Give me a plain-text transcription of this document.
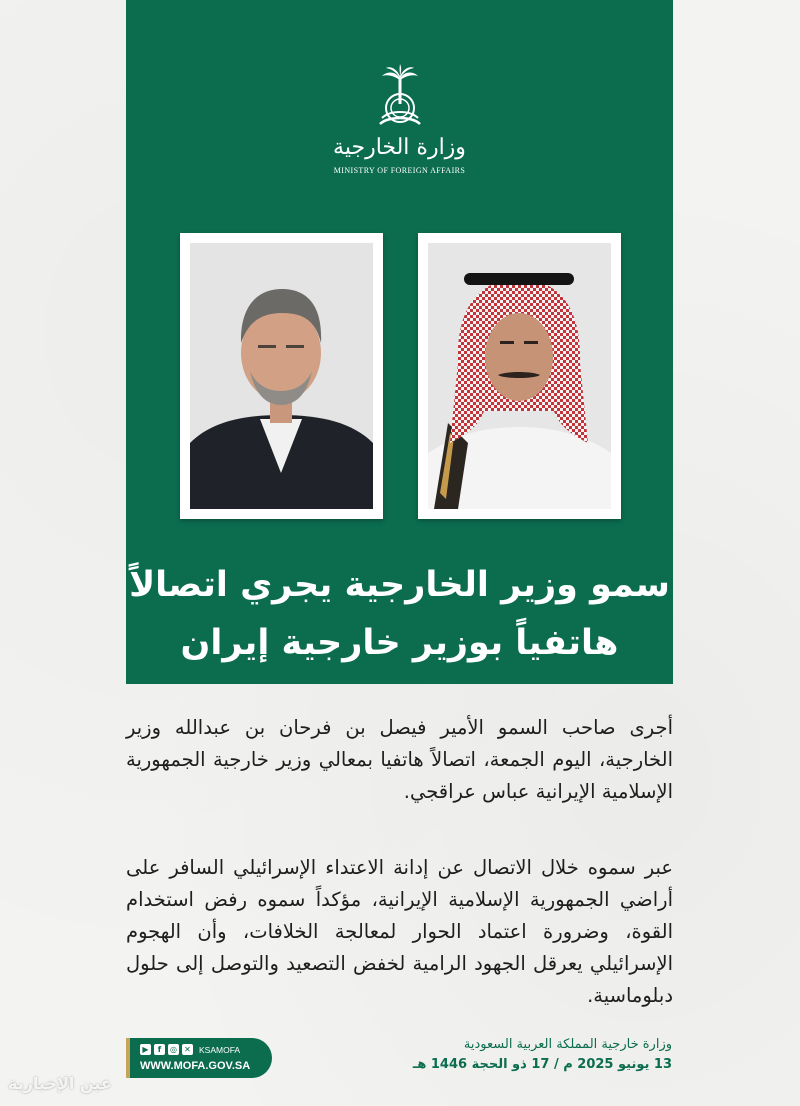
وزارة الخارجية
MINISTRY OF FOREIGN AFFAIRS
سمو وزير الخارجية يجري اتصالاً
هاتفياً بوزير خارجية إيران
أجرى صاحب السمو الأمير فيصل بن فرحان بن عبدالله وزير الخارجية، اليوم الجمعة، اتصالاً هاتفيا بمعالي وزير خارجية الجمهورية الإسلامية الإيرانية عباس عراقجي.
عبر سموه خلال الاتصال عن إدانة الاعتداء الإسرائيلي السافر على أراضي الجمهورية الإسلامية الإيرانية، مؤكداً سموه رفض استخدام القوة، وضرورة اعتماد الحوار لمعالجة الخلافات، وأن الهجوم الإسرائيلي يعرقل الجهود الرامية لخفض التصعيد والتوصل إلى حلول دبلوماسية.
وزارة خارجية المملكة العربية السعودية
13 يونيو 2025 م / 17 ذو الحجة 1446 هـ
▶	f	◎ ✕ KSAMOFA
WWW.MOFA.GOV.SA
عين الإخبارية
